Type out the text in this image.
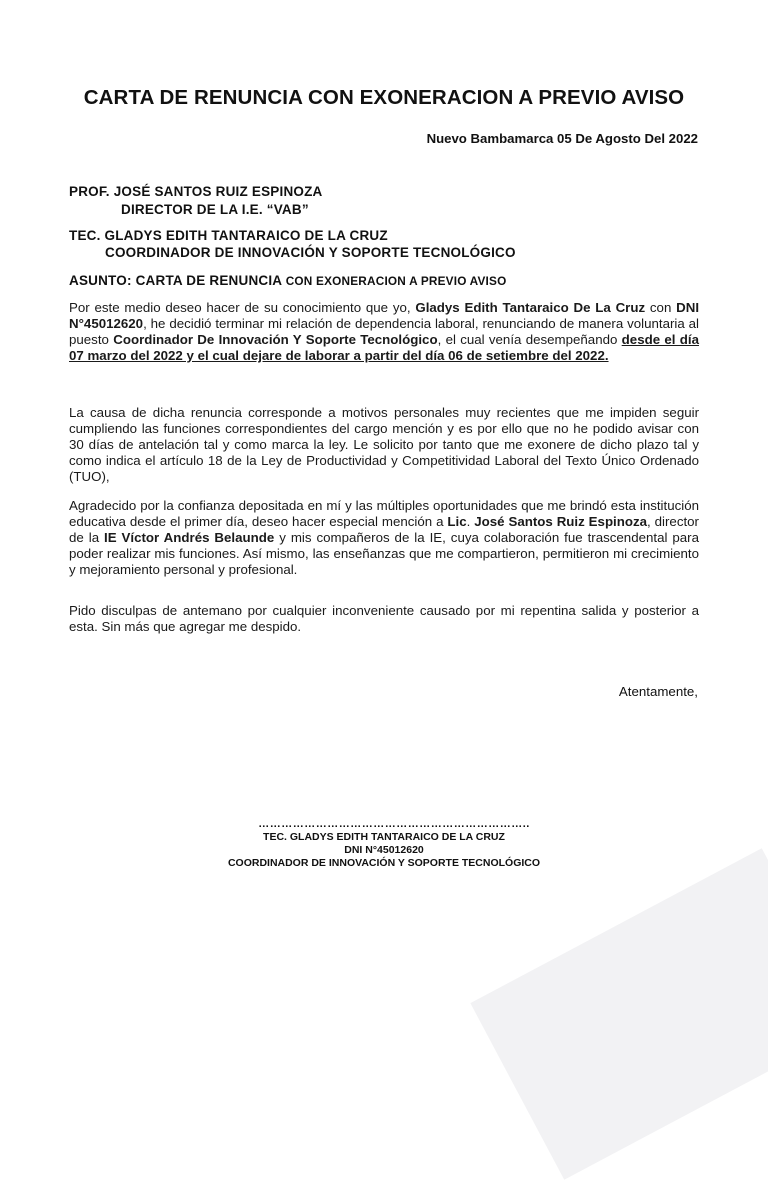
CARTA DE RENUNCIA CON EXONERACION A PREVIO AVISO

Nuevo Bambamarca 05 De Agosto Del 2022

PROF. JOSÉ SANTOS RUIZ ESPINOZA
DIRECTOR DE LA I.E. “VAB”
TEC. GLADYS EDITH TANTARAICO DE LA CRUZ
COORDINADOR DE INNOVACIÓN Y SOPORTE TECNOLÓGICO
ASUNTO: CARTA DE RENUNCIA CON EXONERACION A PREVIO AVISO

Por este medio deseo hacer de su conocimiento que yo, Gladys Edith Tantaraico De La Cruz con DNI N°45012620, he decidió terminar mi relación de dependencia laboral, renunciando de manera voluntaria al puesto Coordinador De Innovación Y Soporte Tecnológico, el cual venía desempeñando desde el día 07 marzo del 2022 y el cual dejare de laborar a partir del día 06 de setiembre del 2022.

La causa de dicha renuncia corresponde a motivos personales muy recientes que me impiden seguir cumpliendo las funciones correspondientes del cargo mención y es por ello que no he podido avisar con 30 días de antelación tal y como marca la ley. Le solicito por tanto que me exonere de dicho plazo tal y como indica el artículo 18 de la Ley de Productividad y Competitividad Laboral del Texto Único Ordenado (TUO),

Agradecido por la confianza depositada en mí y las múltiples oportunidades que me brindó esta institución educativa desde el primer día, deseo hacer especial mención a Lic. José Santos Ruiz Espinoza, director de la IE Víctor Andrés Belaunde y mis compañeros de la IE, cuya colaboración fue trascendental para poder realizar mis funciones. Así mismo, las enseñanzas que me compartieron, permitieron mi crecimiento y mejoramiento personal y profesional.

Pido disculpas de antemano por cualquier inconveniente causado por mi repentina salida y posterior a esta. Sin más que agregar me despido.

Atentamente,

……………………………………………………………..
TEC. GLADYS EDITH TANTARAICO DE LA CRUZ
DNI N°45012620
COORDINADOR DE INNOVACIÓN Y SOPORTE TECNOLÓGICO
